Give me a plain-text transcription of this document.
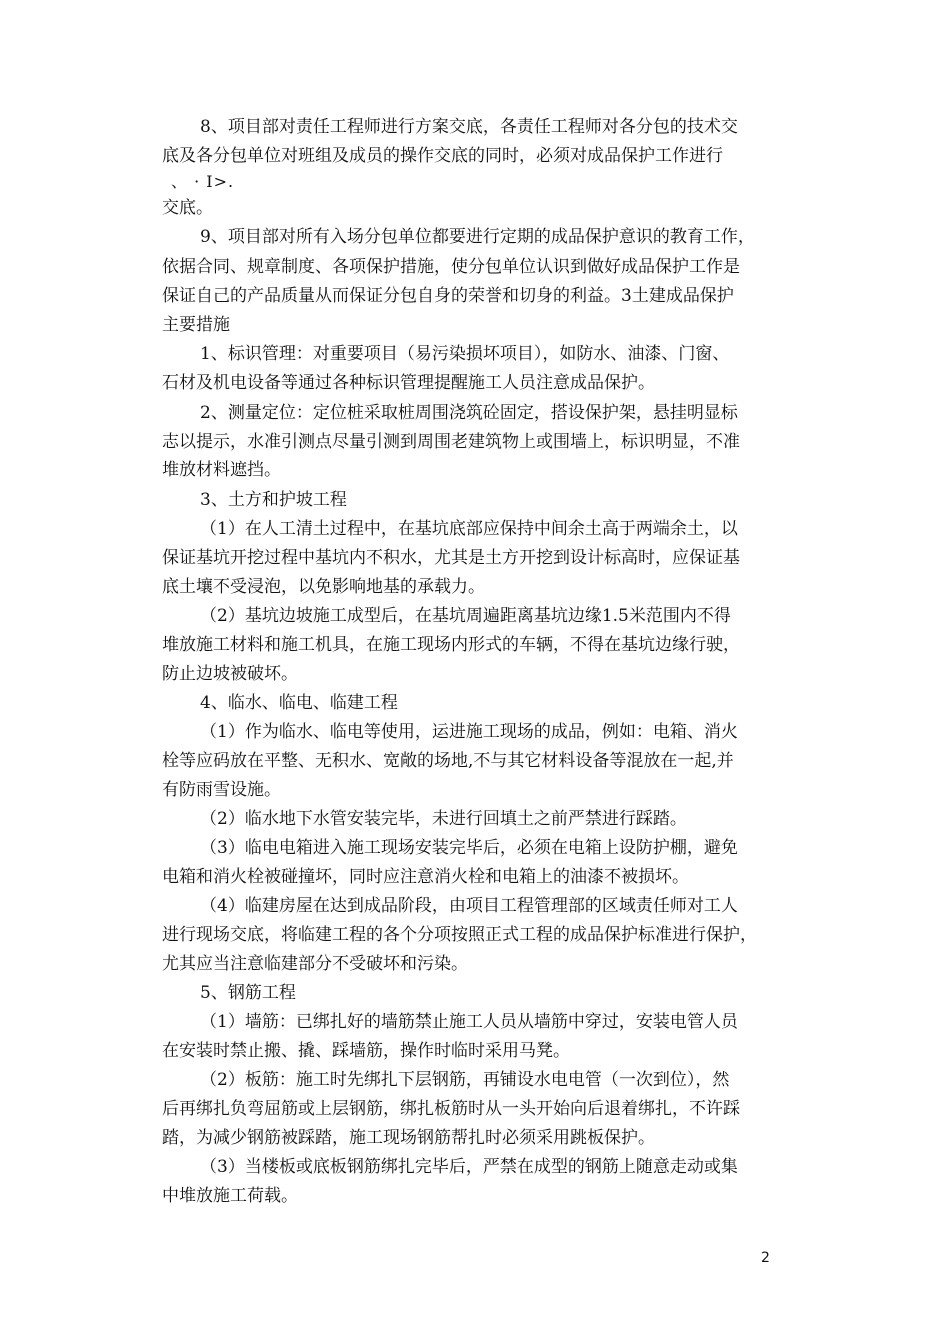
8、项目部对责任工程师进行方案交底，各责任工程师对各分包的技术交
底及各分包单位对班组及成员的操作交底的同时，必须对成品保护工作进行
、 · I>.
交底。
9、项目部对所有入场分包单位都要进行定期的成品保护意识的教育工作，
依据合同、规章制度、各项保护措施，使分包单位认识到做好成品保护工作是
保证自己的产品质量从而保证分包自身的荣誉和切身的利益。3土建成品保护
主要措施
1、标识管理：对重要项目（易污染损坏项目），如防水、油漆、门窗、
石材及机电设备等通过各种标识管理提醒施工人员注意成品保护。
2、测量定位：定位桩采取桩周围浇筑砼固定，搭设保护架，悬挂明显标
志以提示，水准引测点尽量引测到周围老建筑物上或围墙上，标识明显，不准
堆放材料遮挡。
3、土方和护坡工程
（1）在人工清土过程中，在基坑底部应保持中间余土高于两端余土，以
保证基坑开挖过程中基坑内不积水，尤其是土方开挖到设计标高时，应保证基
底土壤不受浸泡，以免影响地基的承载力。
（2）基坑边坡施工成型后，在基坑周遍距离基坑边缘1.5米范围内不得
堆放施工材料和施工机具，在施工现场内形式的车辆，不得在基坑边缘行驶，
防止边坡被破坏。
4、临水、临电、临建工程
（1）作为临水、临电等使用，运进施工现场的成品，例如：电箱、消火
栓等应码放在平整、无积水、宽敞的场地,不与其它材料设备等混放在一起,并
有防雨雪设施。
（2）临水地下水管安装完毕，未进行回填土之前严禁进行踩踏。
（3）临电电箱进入施工现场安装完毕后，必须在电箱上设防护棚，避免
电箱和消火栓被碰撞坏，同时应注意消火栓和电箱上的油漆不被损坏。
（4）临建房屋在达到成品阶段，由项目工程管理部的区域责任师对工人
进行现场交底，将临建工程的各个分项按照正式工程的成品保护标准进行保护，
尤其应当注意临建部分不受破坏和污染。
5、钢筋工程
（1）墙筋：已绑扎好的墙筋禁止施工人员从墙筋中穿过，安装电管人员
在安装时禁止搬、撬、踩墙筋，操作时临时采用马凳。
（2）板筋：施工时先绑扎下层钢筋，再铺设水电电管（一次到位），然
后再绑扎负弯屈筋或上层钢筋，绑扎板筋时从一头开始向后退着绑扎，不许踩
踏，为减少钢筋被踩踏，施工现场钢筋帮扎时必须采用跳板保护。
（3）当楼板或底板钢筋绑扎完毕后，严禁在成型的钢筋上随意走动或集
中堆放施工荷载。
2
